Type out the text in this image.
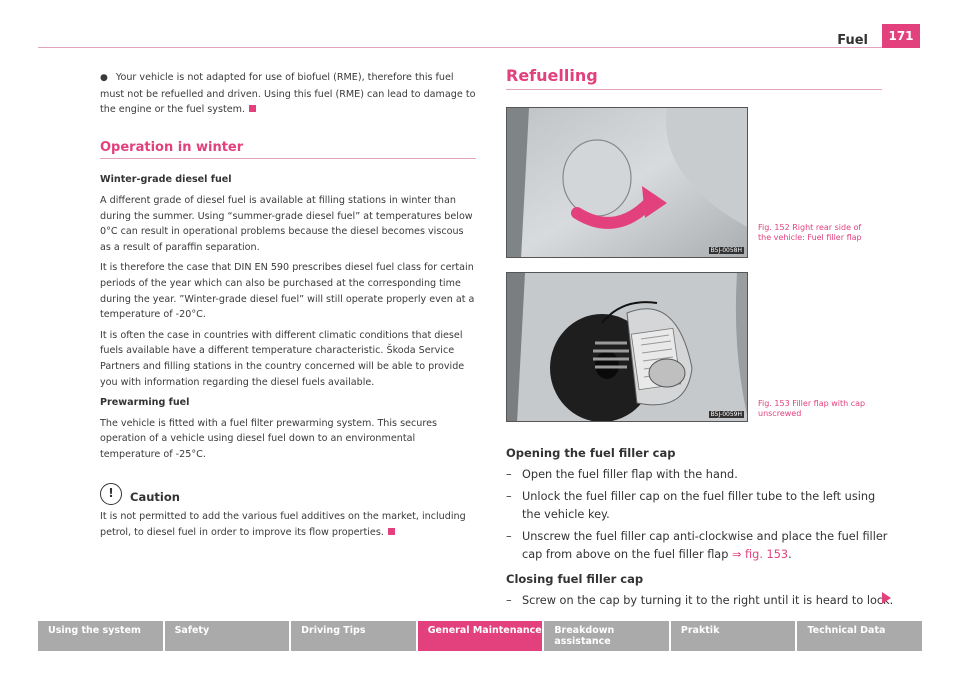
Fuel	171

● Your vehicle is not adapted for use of biofuel (RME), therefore this fuel must not be refuelled and driven. Using this fuel (RME) can lead to damage to the engine or the fuel system.

Operation in winter

Winter-grade diesel fuel

A different grade of diesel fuel is available at filling stations in winter than during the summer. Using “summer-grade diesel fuel” at temperatures below 0°C can result in operational problems because the diesel becomes viscous as a result of paraffin separation.

It is therefore the case that DIN EN 590 prescribes diesel fuel class for certain periods of the year which can also be purchased at the corresponding time during the year. ”Winter-grade diesel fuel” will still operate properly even at a temperature of -20°C.

It is often the case in countries with different climatic conditions that diesel fuels available have a different temperature characteristic. Škoda Service Partners and filling stations in the country concerned will be able to provide you with information regarding the diesel fuels available.

Prewarming fuel

The vehicle is fitted with a fuel filter prewarming system. This secures operation of a vehicle using diesel fuel down to an environmental temperature of -25°C.

!	Caution

It is not permitted to add the various fuel additives on the market, including petrol, to diesel fuel in order to improve its flow properties.

Refuelling
B5J-0058H
B5J-0059H
Fig. 152 Right rear side of the vehicle: Fuel filler flap
Fig. 153 Filler flap with cap unscrewed

Opening the fuel filler cap

– Open the fuel filler flap with the hand.
– Unlock the fuel filler cap on the fuel filler tube to the left using the vehicle key.
– Unscrew the fuel filler cap anti-clockwise and place the fuel filler cap from above on the fuel filler flap ⇒ fig. 153.

Closing fuel filler cap

– Screw on the cap by turning it to the right until it is heard to lock.
Using the system	Safety	Driving Tips	General Maintenance	Breakdown assistance
Praktik	Technical Data
